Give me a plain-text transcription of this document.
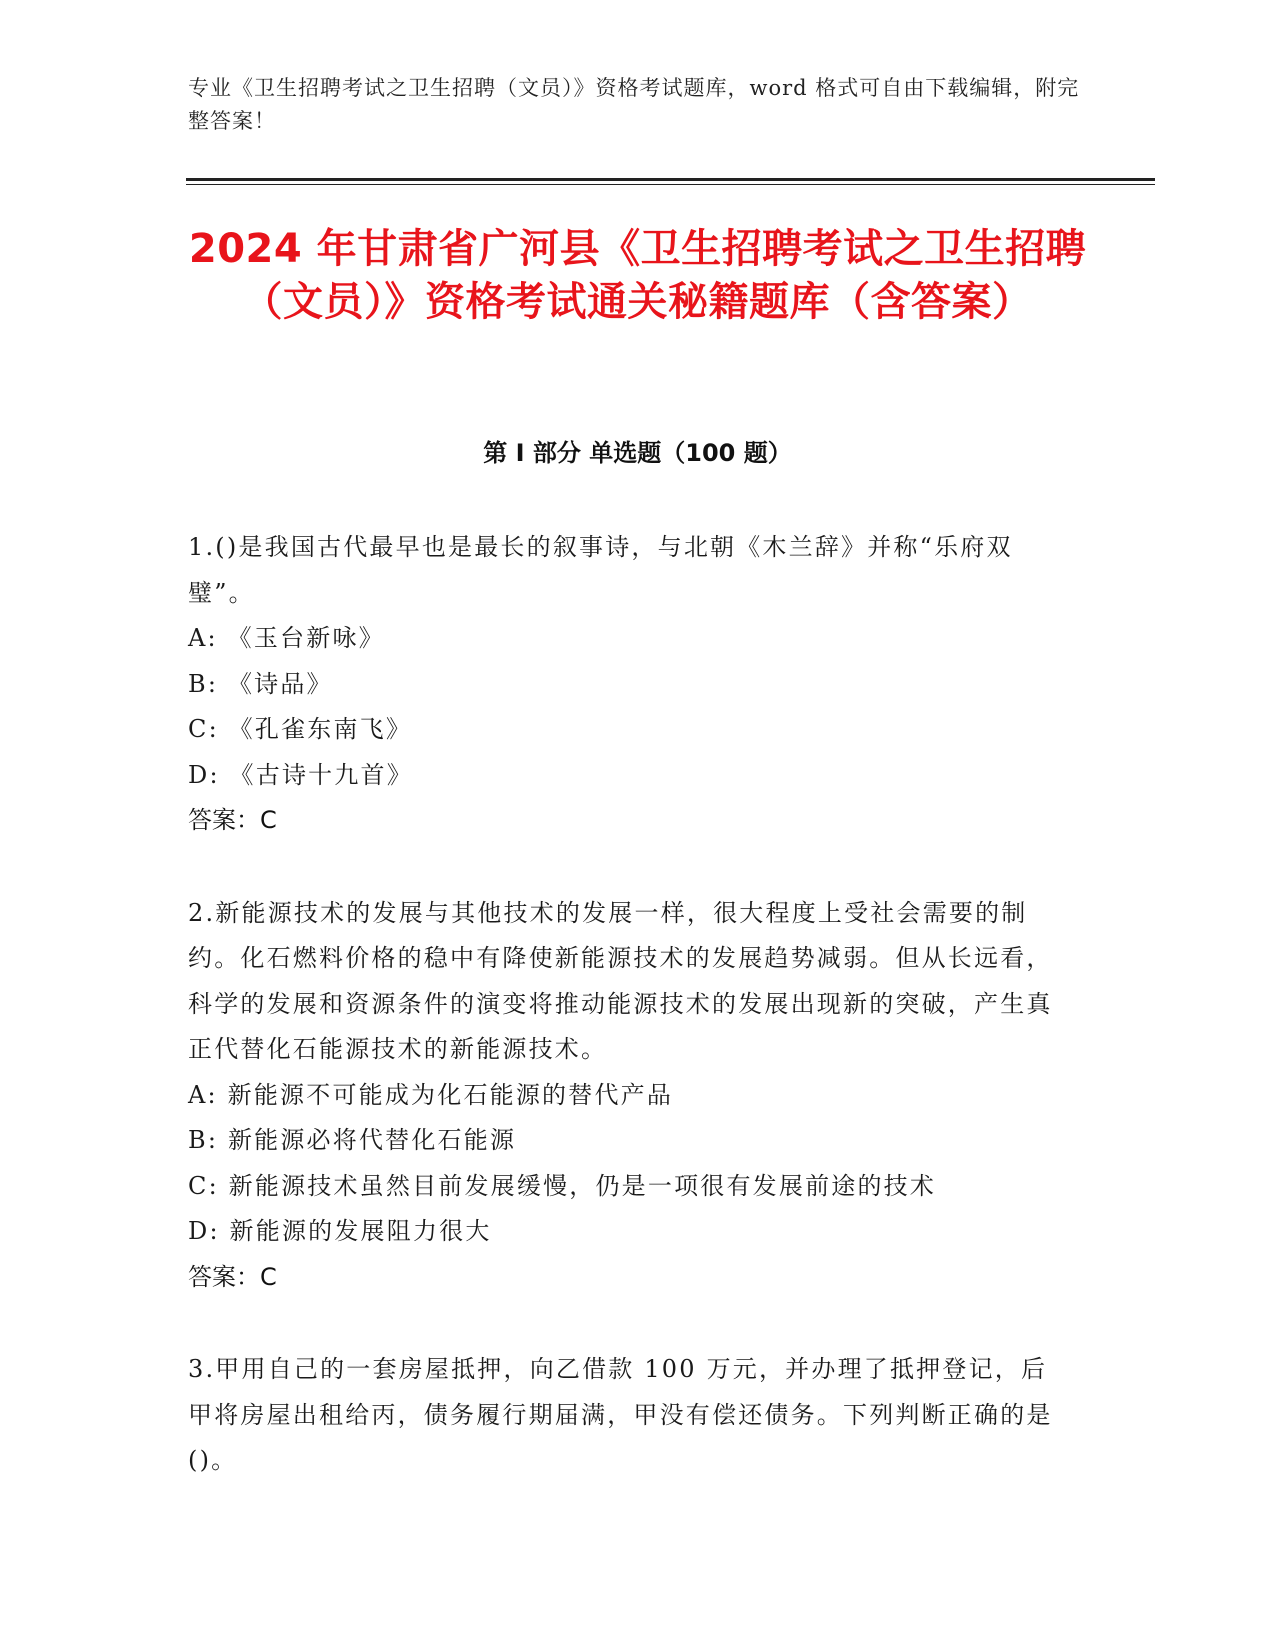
专业《卫生招聘考试之卫生招聘（文员）》资格考试题库，word 格式可自由下载编辑，附完整答案！
2024 年甘肃省广河县《卫生招聘考试之卫生招聘（文员）》资格考试通关秘籍题库（含答案）
第 I 部分 单选题（100 题）
1.()是我国古代最早也是最长的叙事诗，与北朝《木兰辞》并称“乐府双璧”。
A: 《玉台新咏》
B: 《诗品》
C: 《孔雀东南飞》
D: 《古诗十九首》
答案：C
2.新能源技术的发展与其他技术的发展一样，很大程度上受社会需要的制约。化石燃料价格的稳中有降使新能源技术的发展趋势减弱。但从长远看，科学的发展和资源条件的演变将推动能源技术的发展出现新的突破，产生真正代替化石能源技术的新能源技术。
A: 新能源不可能成为化石能源的替代产品
B: 新能源必将代替化石能源
C: 新能源技术虽然目前发展缓慢，仍是一项很有发展前途的技术
D: 新能源的发展阻力很大
答案：C
3.甲用自己的一套房屋抵押，向乙借款 100 万元，并办理了抵押登记，后甲将房屋出租给丙，债务履行期届满，甲没有偿还债务。下列判断正确的是()。
